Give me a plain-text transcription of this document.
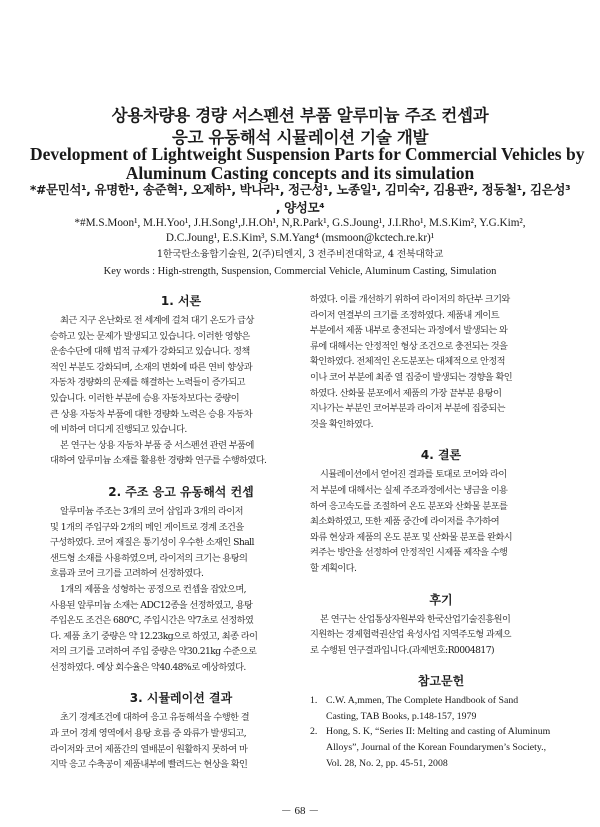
상용차량용 경량 서스펜션 부품 알루미늄 주조 컨셉과
응고 유동해석 시뮬레이션 기술 개발
Development of Lightweight Suspension Parts for Commercial Vehicles by
Aluminum Casting concepts and its simulation
*#문민석¹, 유명한¹, 송준혁¹, 오제하¹, 박나라¹, 정근성¹, 노종일¹, 김미숙², 김용관², 정동철¹, 김은성³
, 양성모⁴
*#M.S.Moon¹, M.H.Yoo¹, J.H.Song¹,J.H.Oh¹, N,R.Park¹, G.S.Joung¹, J.I.Rho¹, M.S.Kim², Y.G.Kim²,
D.C.Joung¹, E.S.Kim³, S.M.Yang⁴ (msmoon@kctech.re.kr)¹
1한국탄소융합기술원, 2(주)티엔지, 3 전주비전대학교, 4 전북대학교
Key words : High-strength, Suspension, Commercial Vehicle, Aluminum Casting, Simulation
1. 서론

최근 지구 온난화로 전 세계에 걸쳐 대기 온도가 급상
승하고 있는 문제가 발생되고 있습니다. 이러한 영향은
운송수단에 대해 법적 규제가 강화되고 있습니다. 정책
적인 부분도 강화되며, 소재의 변화에 따른 연비 향상과
자동차 경량화의 문제를 해결하는 노력들이 증가되고
있습니다. 이러한 부분에 승용 자동차보다는 중량이
큰 상용 자동차 부품에 대한 경량화 노력은 승용 자동차
에 비하여 더디게 진행되고 있습니다.

본 연구는 상용 자동차 부품 중 서스펜션 관련 부품에
대하여 알루미늄 소재를 활용한 경량화 연구를 수행하였다.

2. 주조 응고 유동해석 컨셉

알루미늄 주조는 3개의 코어 삽입과 3개의 라이저
및 1개의 주입구와 2개의 메인 게이트로 경계 조건을
구성하였다. 코어 재질은 통기성이 우수한 소재인 Shall
샌드형 소재를 사용하였으며, 라이저의 크기는 용탕의
흐름과 코어 크기를 고려하여 선정하였다.

1개의 제품을 성형하는 공정으로 컨셉을 잡았으며,
사용된 알루미늄 소재는 ADC12종을 선정하였고, 용탕
주입온도 조건은 680℃, 주입시간은 약7초로 선정하였
다. 제품 초기 중량은 약 12.23kg으로 하였고, 최종 라이
저의 크기를 고려하여 주입 중량은 약30.21kg 수준으로
선정하였다. 예상 회수율은 약40.48%로 예상하였다.

3. 시뮬레이션 결과

초기 경계조건에 대하여 응고 유동해석을 수행한 결
과 코어 경계 영역에서 용탕 흐름 중 와류가 발생되고,
라이저와 코어 제품간의 열배분이 원활하지 못하여 마
지막 응고 수축공이 제품내부에 빨려드는 현상을 확인

하였다. 이를 개선하기 위하여 라이저의 하단부 크기와
라이저 연결부의 크기를 조정하였다. 제품내 게이트
부분에서 제품 내부로 충전되는 과정에서 발생되는 와
류에 대해서는 안정적인 형상 조건으로 충전되는 것을
확인하였다. 전체적인 온도분포는 대체적으로 안정적
이나 코어 부분에 최종 열 집중이 발생되는 경향을 확인
하였다. 산화물 분포에서 제품의 가장 끝부분 용탕이
지나가는 부분인 코어부분과 라이저 부분에 집중되는
것을 확인하였다.

4. 결론

시뮬레이션에서 얻어진 결과를 토대로 코어와 라이
저 부분에 대해서는 실제 주조과정에서는 냉금을 이용
하여 응고속도를 조절하여 온도 분포와 산화물 분포를
최소화하였고, 또한 제품 중간에 라이저를 추가하여
와류 현상과 제품의 온도 분포 및 산화물 분포를 완화시
켜주는 방안을 선정하여 안정적인 시제품 제작을 수행
할 계획이다.

후기

본 연구는 산업통상자원부와 한국산업기술진흥원이
지원하는 경제협력권산업 육성사업 지역주도형 과제으
로 수행된 연구결과입니다.(과제번호:R0004817)

참고문헌
1. C.W. A,mmen, The Complete Handbook of Sand
Casting, TAB Books, p.148-157, 1979
2. Hong, S. K, “Series II: Melting and casting of Aluminum
Alloys”, Journal of the Korean Foundarymen’s Society.,
Vol. 28, No. 2, pp. 45-51, 2008
－ 68 －
